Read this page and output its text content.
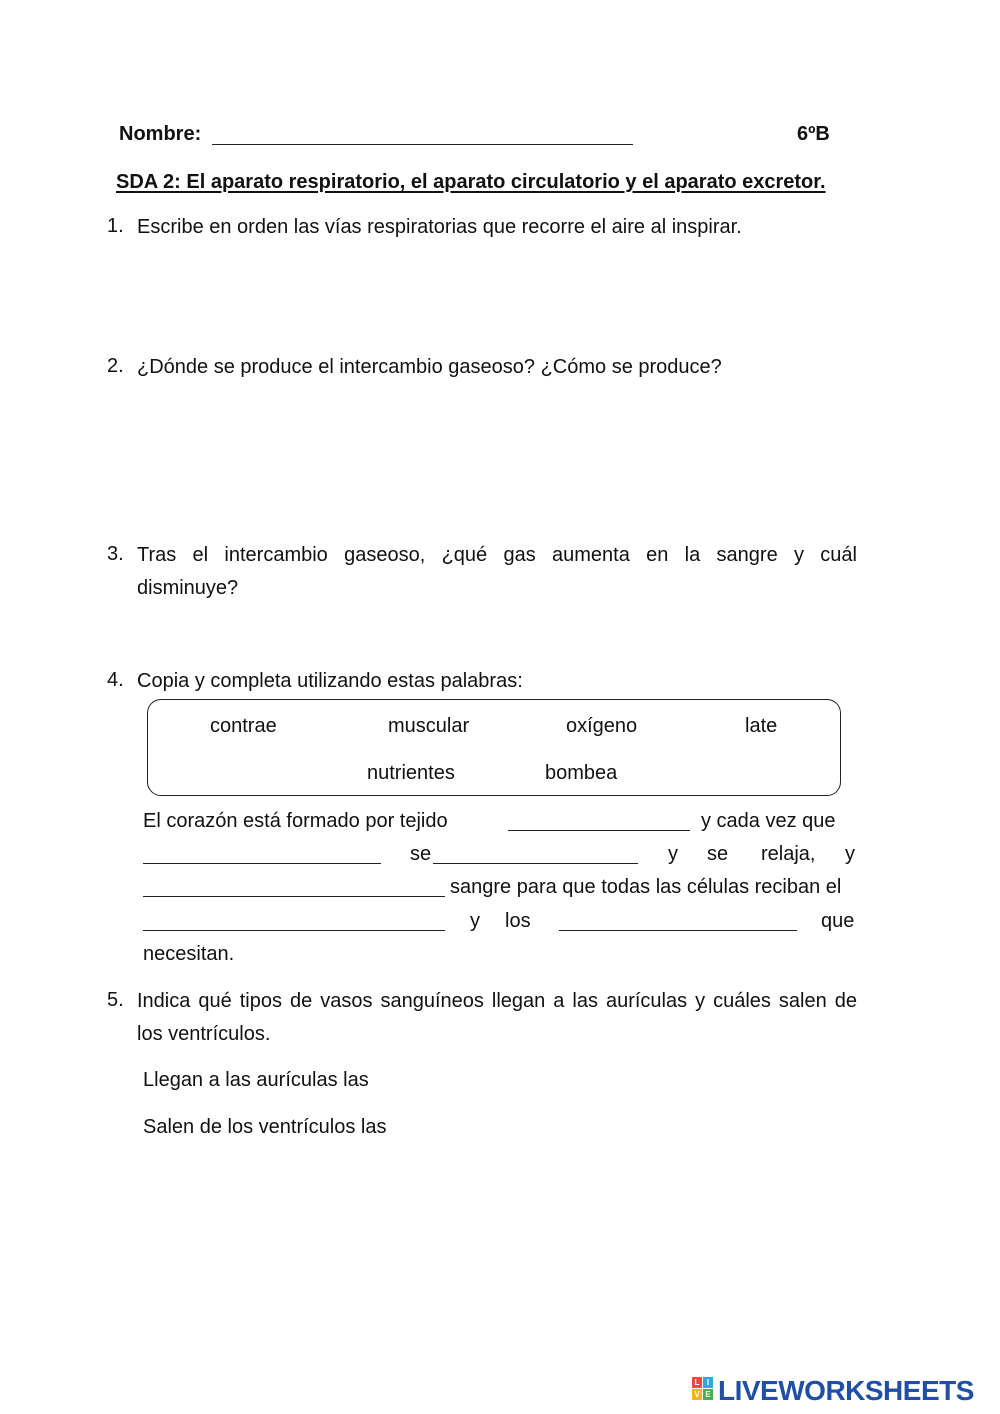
Nombre:	6ºB
SDA 2: El aparato respiratorio, el aparato circulatorio y el aparato excretor.
1. Escribe en orden las vías respiratorias que recorre el aire al inspirar.
2. ¿Dónde se produce el intercambio gaseoso? ¿Cómo se produce?
3. Tras el intercambio gaseoso, ¿qué gas aumenta en la sangre y cuál
disminuye?
4. Copia y completa utilizando estas palabras:
contrae	muscular	oxígeno	late
nutrientes	bombea
El corazón está formado por tejido	y cada vez que
se	y se relaja, y
sangre para que todas las células reciban el
y los	que
necesitan.
5. Indica qué tipos de vasos sanguíneos llegan a las aurículas y cuáles salen de
los ventrículos.
Llegan a las aurículas las
Salen de los ventrículos las
L I
V E LIVEWORKSHEETS
